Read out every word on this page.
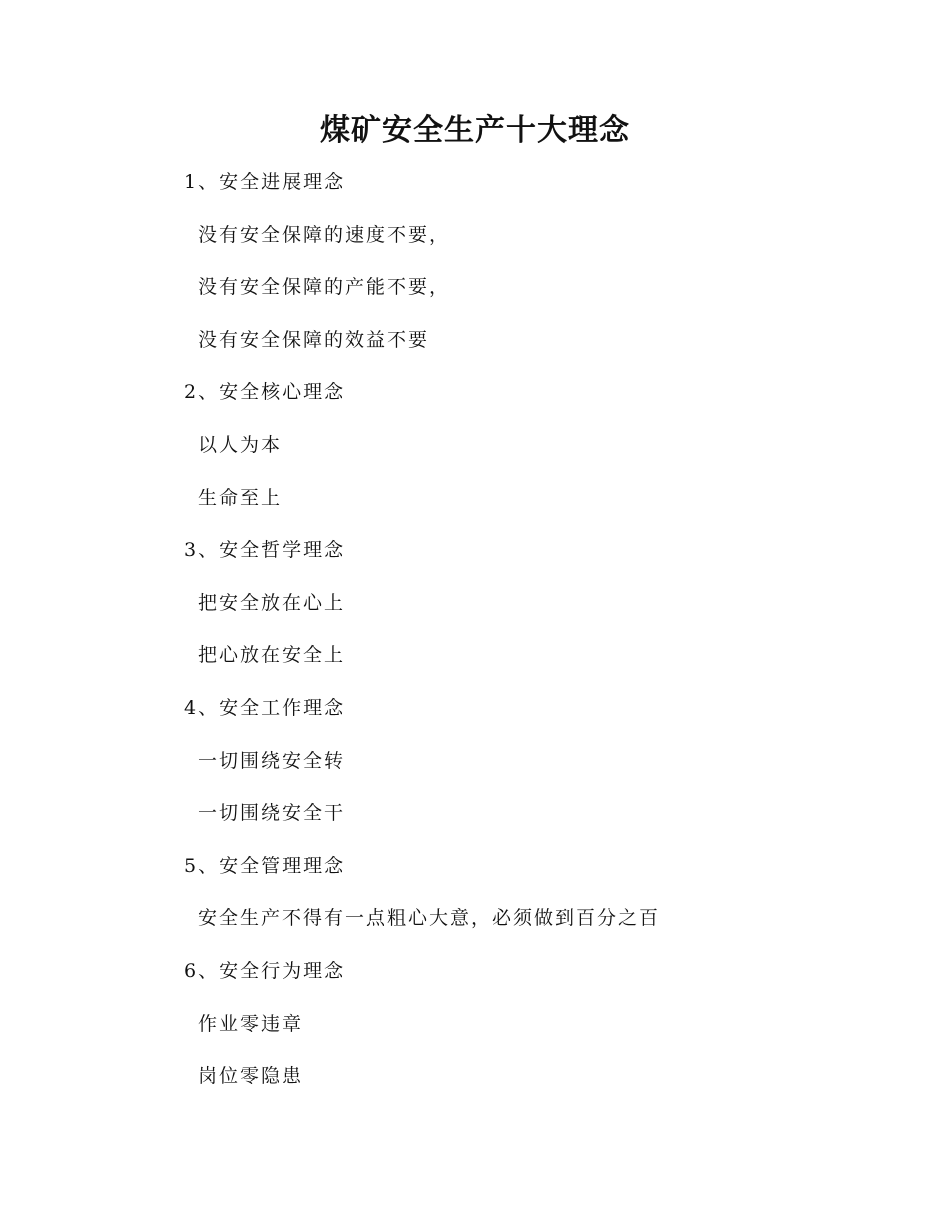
煤矿安全生产十大理念
1、安全进展理念
没有安全保障的速度不要，
没有安全保障的产能不要，
没有安全保障的效益不要
2、安全核心理念
以人为本
生命至上
3、安全哲学理念
把安全放在心上
把心放在安全上
4、安全工作理念
一切围绕安全转
一切围绕安全干
5、安全管理理念
安全生产不得有一点粗心大意，必须做到百分之百
6、安全行为理念
作业零违章
岗位零隐患
